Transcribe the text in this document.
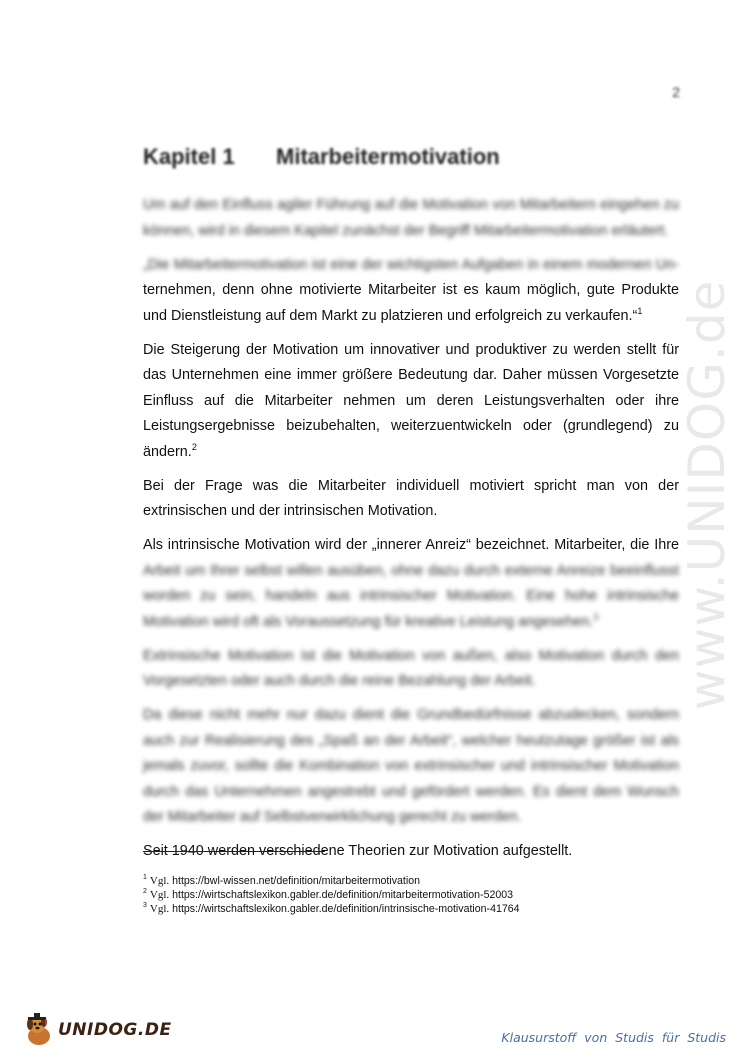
www.UNIDOG.de
2
Kapitel 1 Mitarbeitermotivation

Um auf den Einfluss agiler Führung auf die Motivation von Mitarbeitern eingehen zu können, wird in diesem Kapitel zunächst der Begriff Mitarbeitermotivation erläutert.

„Die Mitarbeitermotivation ist eine der wichtigsten Aufgaben in einem modernen Un- ternehmen, denn ohne motivierte Mitarbeiter ist es kaum möglich, gute Produkte und Dienstleistung auf dem Markt zu platzieren und erfolgreich zu verkaufen.“$^1$

Die Steigerung der Motivation um innovativer und produktiver zu werden stellt für das Unternehmen eine immer größere Bedeutung dar. Daher müssen Vorgesetzte Einfluss auf die Mitarbeiter nehmen um deren Leistungsverhalten oder ihre Leistungsergebnisse beizubehalten, weiterzuentwickeln oder (grundlegend) zu ändern.$^2$

Bei der Frage was die Mitarbeiter individuell motiviert spricht man von der extrinsischen und der intrinsischen Motivation.

Als intrinsische Motivation wird der „innerer Anreiz“ bezeichnet. Mitarbeiter, die Ihre Arbeit um Ihrer selbst willen ausüben, ohne dazu durch externe Anreize beeinflusst worden zu sein, handeln aus intrinsischer Motivation. Eine hohe intrinsische Motivation wird oft als Voraussetzung für kreative Leistung angesehen.$^3$

Extrinsische Motivation ist die Motivation von außen, also Motivation durch den Vorgesetzten oder auch durch die reine Bezahlung der Arbeit.

Da diese nicht mehr nur dazu dient die Grundbedürfnisse abzudecken, sondern auch zur Realisierung des „Spaß an der Arbeit“, welcher heutzutage größer ist als jemals zuvor, sollte die Kombination von extrinsischer und intrinsischer Motivation durch das Unternehmen angestrebt und gefördert werden. Es dient dem Wunsch der Mitarbeiter auf Selbstverwirklichung gerecht zu werden.

Seit 1940 werden verschiedene Theorien zur Motivation aufgestellt.

$^1$ Vgl. https://bwl-wissen.net/definition/mitarbeitermotivation
$^2$ Vgl. https://wirtschaftslexikon.gabler.de/definition/mitarbeitermotivation-52003
$^3$ Vgl. https://wirtschaftslexikon.gabler.de/definition/intrinsische-motivation-41764
UNIDOG.DE	Klausurstoff von Studis für Studis
